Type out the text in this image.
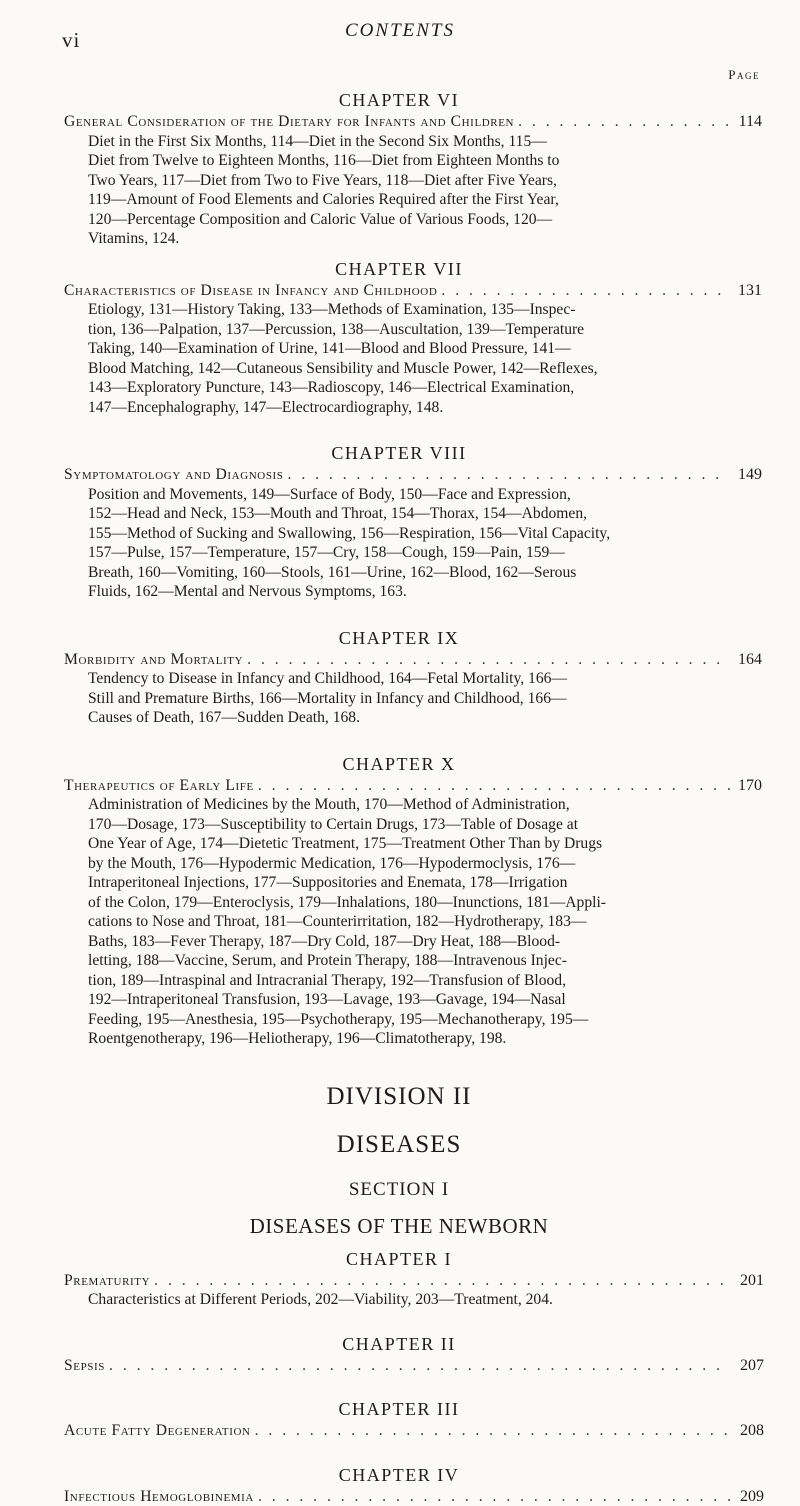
vi	CONTENTS
Page
CHAPTER VI
General Consideration of the Dietary for Infants and Children . . .	114
Diet in the First Six Months, 114—Diet in the Second Six Months, 115—
Diet from Twelve to Eighteen Months, 116—Diet from Eighteen Months to
Two Years, 117—Diet from Two to Five Years, 118—Diet after Five Years,
119—Amount of Food Elements and Calories Required after the First Year,
120—Percentage Composition and Caloric Value of Various Foods, 120—
Vitamins, 124.
CHAPTER VII
Characteristics of Disease in Infancy and Childhood . . .	131
Etiology, 131—History Taking, 133—Methods of Examination, 135—Inspec-
tion, 136—Palpation, 137—Percussion, 138—Auscultation, 139—Temperature
Taking, 140—Examination of Urine, 141—Blood and Blood Pressure, 141—
Blood Matching, 142—Cutaneous Sensibility and Muscle Power, 142—Reflexes,
143—Exploratory Puncture, 143—Radioscopy, 146—Electrical Examination,
147—Encephalography, 147—Electrocardiography, 148.
CHAPTER VIII
Symptomatology and Diagnosis . . .	149
Position and Movements, 149—Surface of Body, 150—Face and Expression,
152—Head and Neck, 153—Mouth and Throat, 154—Thorax, 154—Abdomen,
155—Method of Sucking and Swallowing, 156—Respiration, 156—Vital Capacity,
157—Pulse, 157—Temperature, 157—Cry, 158—Cough, 159—Pain, 159—
Breath, 160—Vomiting, 160—Stools, 161—Urine, 162—Blood, 162—Serous
Fluids, 162—Mental and Nervous Symptoms, 163.
CHAPTER IX
Morbidity and Mortality . . .	164
Tendency to Disease in Infancy and Childhood, 164—Fetal Mortality, 166—
Still and Premature Births, 166—Mortality in Infancy and Childhood, 166—
Causes of Death, 167—Sudden Death, 168.
CHAPTER X
Therapeutics of Early Life . . .	170
Administration of Medicines by the Mouth, 170—Method of Administration,
170—Dosage, 173—Susceptibility to Certain Drugs, 173—Table of Dosage at
One Year of Age, 174—Dietetic Treatment, 175—Treatment Other Than by Drugs
by the Mouth, 176—Hypodermic Medication, 176—Hypodermoclysis, 176—
Intraperitoneal Injections, 177—Suppositories and Enemata, 178—Irrigation
of the Colon, 179—Enteroclysis, 179—Inhalations, 180—Inunctions, 181—Appli-
cations to Nose and Throat, 181—Counterirritation, 182—Hydrotherapy, 183—
Baths, 183—Fever Therapy, 187—Dry Cold, 187—Dry Heat, 188—Blood-
letting, 188—Vaccine, Serum, and Protein Therapy, 188—Intravenous Injec-
tion, 189—Intraspinal and Intracranial Therapy, 192—Transfusion of Blood,
192—Intraperitoneal Transfusion, 193—Lavage, 193—Gavage, 194—Nasal
Feeding, 195—Anesthesia, 195—Psychotherapy, 195—Mechanotherapy, 195—
Roentgenotherapy, 196—Heliotherapy, 196—Climatotherapy, 198.
DIVISION II
DISEASES
SECTION I
DISEASES OF THE NEWBORN
CHAPTER I
Prematurity . . .	201
Characteristics at Different Periods, 202—Viability, 203—Treatment, 204.
CHAPTER II
Sepsis . . .	207
CHAPTER III
Acute Fatty Degeneration . . .	208
CHAPTER IV
Infectious Hemoglobinemia . . .	209
